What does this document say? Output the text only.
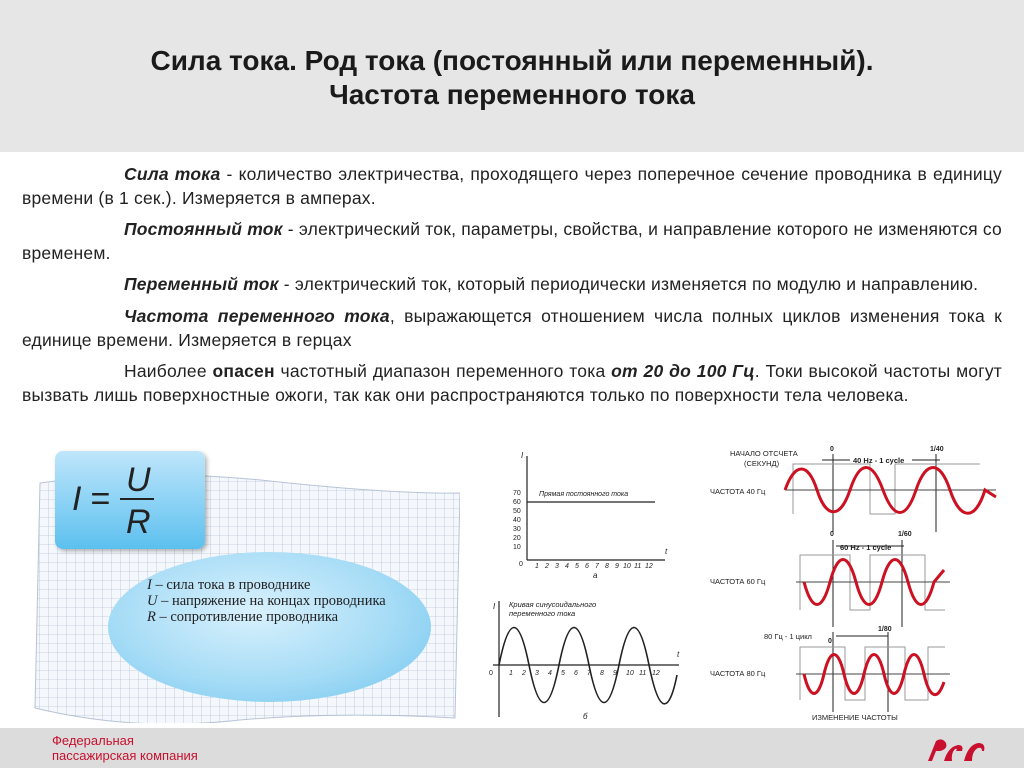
Сила тока. Род тока (постоянный или переменный).
Частота переменного тока

Сила тока - количество электричества, проходящего через поперечное сечение проводника в единицу времени (в 1 сек.). Измеряется в амперах.

Постоянный ток - электрический ток, параметры, свойства, и направление которого не изменяются со временем.

Переменный ток - электрический ток, который периодически изменяется по модулю и направлению.

Частота переменного тока, выражающется отношением числа полных циклов изменения тока к единице времени. Измеряется в герцах

Наиболее опасен частотный диапазон переменного тока от 20 до 100 Гц. Токи высокой частоты могут вызвать лишь поверхностные ожоги, так как они распространяются только по поверхности тела человека.

I = U
R
I – сила тока в проводнике
U – напряжение на концах проводника
R – сопротивление проводника
I
t
70
60
50
40
30
20
10
0 1 2 3 4 5 6 7 8 9 10 11 12
Прямая постоянного тока
а
I
t
Кривая синусоидального
переменного тока
0 1 2 3 4 5 6 7 8 9 10 11 12
б
НАЧАЛО ОТСЧЕТА
(СЕКУНД)
0	1/40
40 Hz - 1 cycle
ЧАСТОТА 40 Гц
0	1/60
60 Hz - 1 cycle
ЧАСТОТА 60 Гц
1/80
80 Гц - 1 цикл
0
ЧАСТОТА 80 Гц
ИЗМЕНЕНИЕ ЧАСТОТЫ
Федеральная
пассажирская компания
